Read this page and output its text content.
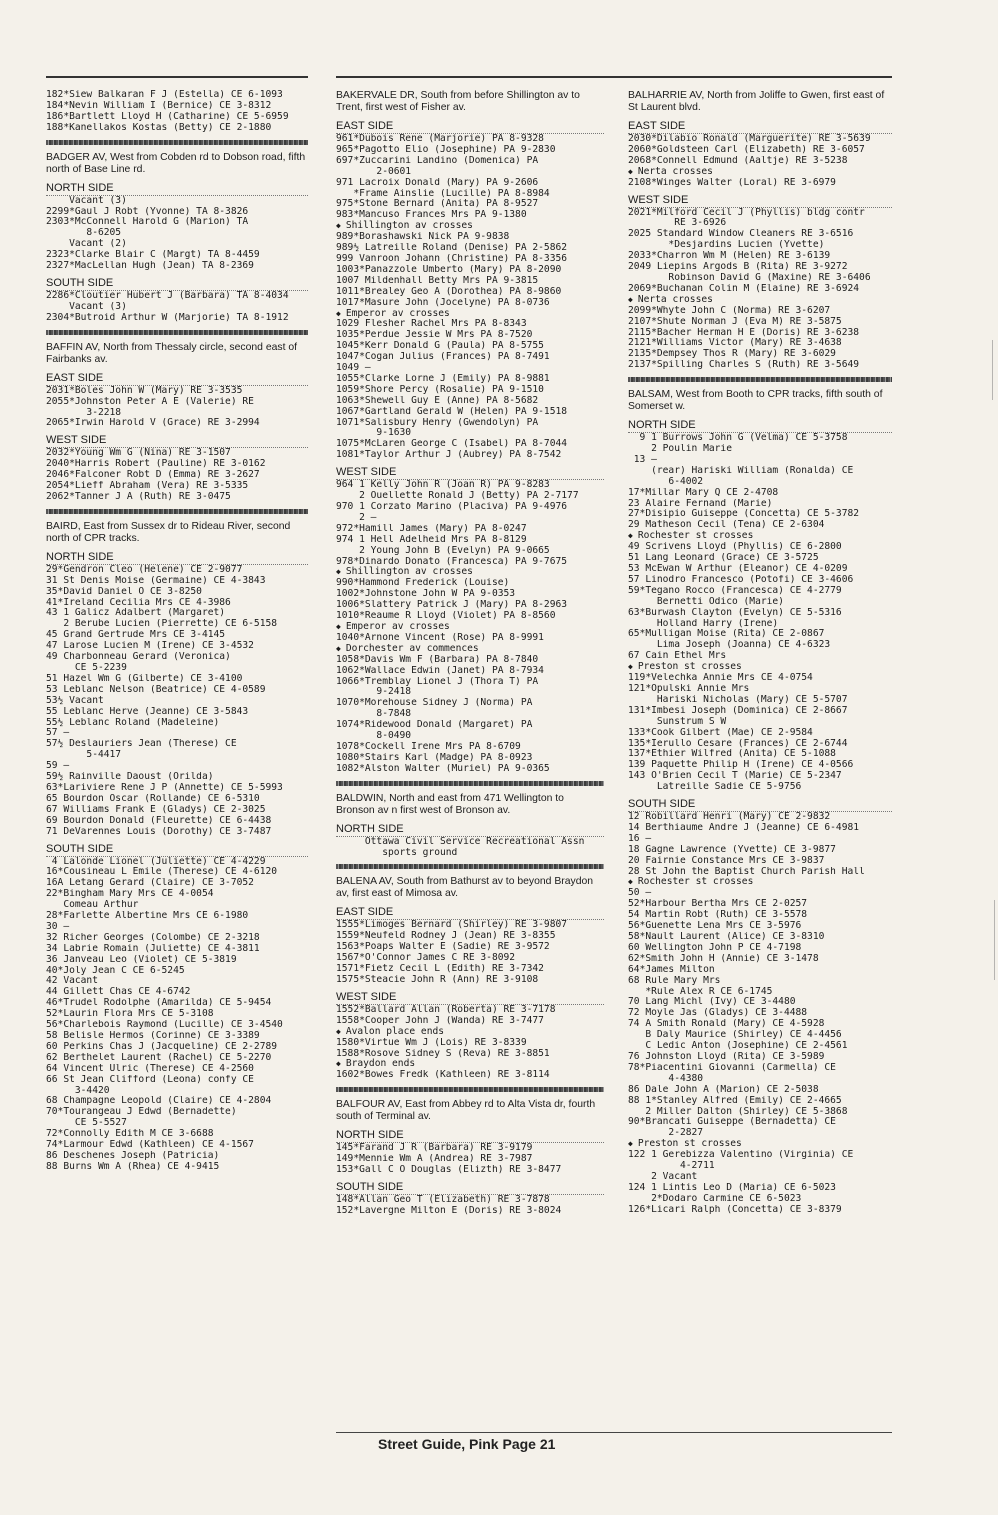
182*Siew Balkaran F J (Estella) CE 6-1093
184*Nevin William I (Bernice) CE 3-8312
186*Bartlett Lloyd H (Catharine) CE 5-6959
188*Kanellakos Kostas (Betty) CE 2-1880
BADGER AV, West from Cobden rd to Dobson road, fifth north of Base Line rd.
NORTH SIDE
Vacant (3)
2299*Gaul J Robt (Yvonne) TA 8-3826
2303*McConnell Harold G (Marion) TA
8-6205
Vacant (2)
2323*Clarke Blair C (Margt) TA 8-4459
2327*MacLellan Hugh (Jean) TA 8-2369
SOUTH SIDE
2286*Cloutier Hubert J (Barbara) TA 8-4034
Vacant (3)
2304*Butroid Arthur W (Marjorie) TA 8-1912
BAFFIN AV, North from Thessaly circle, second east of Fairbanks av.
EAST SIDE
2031*Boles John W (Mary) RE 3-3535
2055*Johnston Peter A E (Valerie) RE
3-2218
2065*Irwin Harold V (Grace) RE 3-2994
WEST SIDE
2032*Young Wm G (Nina) RE 3-1507
2040*Harris Robert (Pauline) RE 3-0162
2046*Falconer Robt D (Emma) RE 3-2627
2054*Lieff Abraham (Vera) RE 3-5335
2062*Tanner J A (Ruth) RE 3-0475
BAIRD, East from Sussex dr to Rideau River, second north of CPR tracks.
NORTH SIDE
29*Gendron Cleo (Helene) CE 2-9077
31 St Denis Moise (Germaine) CE 4-3843
35*David Daniel O CE 3-8250
41*Ireland Cecilia Mrs CE 4-3986
43 1 Galicz Adalbert (Margaret)
2 Berube Lucien (Pierrette) CE 6-5158
45 Grand Gertrude Mrs CE 3-4145
47 Larose Lucien M (Irene) CE 3-4532
49 Charbonneau Gerard (Veronica)
CE 5-2239
51 Hazel Wm G (Gilberte) CE 3-4100
53 Leblanc Nelson (Beatrice) CE 4-0589
53½ Vacant
55 Leblanc Herve (Jeanne) CE 3-5843
55½ Leblanc Roland (Madeleine)
57 —
57½ Deslauriers Jean (Therese) CE
5-4417
59 —
59½ Rainville Daoust (Orilda)
63*Lariviere Rene J P (Annette) CE 5-5993
65 Bourdon Oscar (Rollande) CE 6-5310
67 Williams Frank E (Gladys) CE 2-3025
69 Bourdon Donald (Fleurette) CE 6-4438
71 DeVarennes Louis (Dorothy) CE 3-7487
SOUTH SIDE
4 Lalonde Lionel (Juliette) CE 4-4229
16*Cousineau L Emile (Therese) CE 4-6120
16A Letang Gerard (Claire) CE 3-7052
22*Bingham Mary Mrs CE 4-0054
Comeau Arthur
28*Farlette Albertine Mrs CE 6-1980
30 —
32 Richer Georges (Colombe) CE 2-3218
34 Labrie Romain (Juliette) CE 4-3811
36 Janveau Leo (Violet) CE 5-3819
40*Joly Jean C CE 6-5245
42 Vacant
44 Gillett Chas CE 4-6742
46*Trudel Rodolphe (Amarilda) CE 5-9454
52*Laurin Flora Mrs CE 5-3108
56*Charlebois Raymond (Lucille) CE 3-4540
58 Belisle Hermos (Corinne) CE 3-3389
60 Perkins Chas J (Jacqueline) CE 2-2789
62 Berthelet Laurent (Rachel) CE 5-2270
64 Vincent Ulric (Therese) CE 4-2560
66 St Jean Clifford (Leona) confy CE
3-4420
68 Champagne Leopold (Claire) CE 4-2804
70*Tourangeau J Edwd (Bernadette)
CE 5-5527
72*Connolly Edith M CE 3-6688
74*Larmour Edwd (Kathleen) CE 4-1567
86 Deschenes Joseph (Patricia)
88 Burns Wm A (Rhea) CE 4-9415
BAKERVALE DR, South from before Shillington av to Trent, first west of Fisher av.
EAST SIDE
961*Dubois Rene (Marjorie) PA 8-9328
965*Pagotto Elio (Josephine) PA 9-2830
697*Zuccarini Landino (Domenica) PA
2-0601
971 Lacroix Donald (Mary) PA 9-2606
*Frame Ainslie (Lucille) PA 8-8984
975*Stone Bernard (Anita) PA 8-9527
983*Mancuso Frances Mrs PA 9-1380
◆ Shillington av crosses
989*Borashawski Nick PA 9-9838
989½ Latreille Roland (Denise) PA 2-5862
999 Vanroon Johann (Christine) PA 8-3356
1003*Panazzole Umberto (Mary) PA 8-2090
1007 Mildenhall Betty Mrs PA 9-3815
1011*Brealey Geo A (Dorothea) PA 8-9860
1017*Masure John (Jocelyne) PA 8-0736
◆ Emperor av crosses
1029 Flesher Rachel Mrs PA 8-8343
1035*Perdue Jessie W Mrs PA 8-7520
1045*Kerr Donald G (Paula) PA 8-5755
1047*Cogan Julius (Frances) PA 8-7491
1049 —
1055*Clarke Lorne J (Emily) PA 8-9881
1059*Shore Percy (Rosalie) PA 9-1510
1063*Shewell Guy E (Anne) PA 8-5682
1067*Gartland Gerald W (Helen) PA 9-1518
1071*Salisbury Henry (Gwendolyn) PA
9-1630
1075*McLaren George C (Isabel) PA 8-7044
1081*Taylor Arthur J (Aubrey) PA 8-7542
WEST SIDE
964 1 Kelly John R (Joan R) PA 9-8283
2 Ouellette Ronald J (Betty) PA 2-7177
970 1 Corzato Marino (Placiva) PA 9-4976
2 —
972*Hamill James (Mary) PA 8-0247
974 1 Hell Adelheid Mrs PA 8-8129
2 Young John B (Evelyn) PA 9-0665
978*Dinardo Donato (Francesca) PA 9-7675
◆ Shillington av crosses
990*Hammond Frederick (Louise)
1002*Johnstone John W PA 9-0353
1006*Slattery Patrick J (Mary) PA 8-2963
1010*Reaume R Lloyd (Violet) PA 8-8560
◆ Emperor av crosses
1040*Arnone Vincent (Rose) PA 8-9991
◆ Dorchester av commences
1058*Davis Wm F (Barbara) PA 8-7840
1062*Wallace Edwin (Janet) PA 8-7934
1066*Tremblay Lionel J (Thora T) PA
9-2418
1070*Morehouse Sidney J (Norma) PA
8-7848
1074*Ridewood Donald (Margaret) PA
8-0490
1078*Cockell Irene Mrs PA 8-6709
1080*Stairs Karl (Madge) PA 8-0923
1082*Alston Walter (Muriel) PA 9-0365
BALDWIN, North and east from 471 Wellington to Bronson av n first west of Bronson av.
NORTH SIDE
Ottawa Civil Service Recreational Assn
sports ground
BALENA AV, South from Bathurst av to beyond Braydon av, first east of Mimosa av.
EAST SIDE
1555*Limoges Bernard (Shirley) RE 3-9807
1559*Neufeld Rodney J (Jean) RE 3-8355
1563*Poaps Walter E (Sadie) RE 3-9572
1567*O'Connor James C RE 3-8092
1571*Fietz Cecil L (Edith) RE 3-7342
1575*Steacie John R (Ann) RE 3-9108
WEST SIDE
1552*Ballard Allan (Roberta) RE 3-7178
1558*Cooper John J (Wanda) RE 3-7477
◆ Avalon place ends
1580*Virtue Wm J (Lois) RE 3-8339
1588*Rosove Sidney S (Reva) RE 3-8851
◆ Braydon ends
1602*Bowes Fredk (Kathleen) RE 3-8114
BALFOUR AV, East from Abbey rd to Alta Vista dr, fourth south of Terminal av.
NORTH SIDE
145*Farand J R (Barbara) RE 3-9179
149*Mennie Wm A (Andrea) RE 3-7987
153*Gall C O Douglas (Elizth) RE 3-8477
SOUTH SIDE
148*Allan Geo T (Elizabeth) RE 3-7878
152*Lavergne Milton E (Doris) RE 3-8024
BALHARRIE AV, North from Joliffe to Gwen, first east of St Laurent blvd.
EAST SIDE
2030*Dilabio Ronald (Marguerite) RE 3-5639
2060*Goldsteen Carl (Elizabeth) RE 3-6057
2068*Connell Edmund (Aaltje) RE 3-5238
◆ Nerta crosses
2108*Winges Walter (Loral) RE 3-6979
WEST SIDE
2021*Milford Cecil J (Phyllis) bldg contr
RE 3-6926
2025 Standard Window Cleaners RE 3-6516
*Desjardins Lucien (Yvette)
2033*Charron Wm M (Helen) RE 3-6139
2049 Liepins Argods B (Rita) RE 3-9272
Robinson David G (Maxine) RE 3-6406
2069*Buchanan Colin M (Elaine) RE 3-6924
◆ Nerta crosses
2099*Whyte John C (Norma) RE 3-6207
2107*Shute Norman J (Eva M) RE 3-5875
2115*Bacher Herman H E (Doris) RE 3-6238
2121*Williams Victor (Mary) RE 3-4638
2135*Dempsey Thos R (Mary) RE 3-6029
2137*Spilling Charles S (Ruth) RE 3-5649
BALSAM, West from Booth to CPR tracks, fifth south of Somerset w.
NORTH SIDE
9 1 Burrows John G (Velma) CE 5-3758
2 Poulin Marie
13 —
(rear) Hariski William (Ronalda) CE
6-4002
17*Millar Mary Q CE 2-4708
23 Alaire Fernand (Marie)
27*Disipio Guiseppe (Concetta) CE 5-3782
29 Matheson Cecil (Tena) CE 2-6304
◆ Rochester st crosses
49 Scrivens Lloyd (Phyllis) CE 6-2800
51 Lang Leonard (Grace) CE 3-5725
53 McEwan W Arthur (Eleanor) CE 4-0209
57 Linodro Francesco (Potofi) CE 3-4606
59*Tegano Rocco (Francesca) CE 4-2779
Bernetti Odico (Marie)
63*Burwash Clayton (Evelyn) CE 5-5316
Holland Harry (Irene)
65*Mulligan Moise (Rita) CE 2-0867
Lima Joseph (Joanna) CE 4-6323
67 Cain Ethel Mrs
◆ Preston st crosses
119*Velechka Annie Mrs CE 4-0754
121*Opulski Annie Mrs
Hariski Nicholas (Mary) CE 5-5707
131*Imbesi Joseph (Dominica) CE 2-8667
Sunstrum S W
133*Cook Gilbert (Mae) CE 2-9584
135*Ierullo Cesare (Frances) CE 2-6744
137*Ethier Wilfred (Anita) CE 5-1088
139 Paquette Philip H (Irene) CE 4-0566
143 O'Brien Cecil T (Marie) CE 5-2347
Latreille Sadie CE 5-9756
SOUTH SIDE
12 Robillard Henri (Mary) CE 2-9832
14 Berthiaume Andre J (Jeanne) CE 6-4981
16 —
18 Gagne Lawrence (Yvette) CE 3-9877
20 Fairnie Constance Mrs CE 3-9837
28 St John the Baptist Church Parish Hall
◆ Rochester st crosses
50 —
52*Harbour Bertha Mrs CE 2-0257
54 Martin Robt (Ruth) CE 3-5578
56*Guenette Lena Mrs CE 3-5976
58*Nault Laurent (Alice) CE 3-8310
60 Wellington John P CE 4-7198
62*Smith John H (Annie) CE 3-1478
64*James Milton
68 Rule Mary Mrs
*Rule Alex R CE 6-1745
70 Lang Michl (Ivy) CE 3-4480
72 Moyle Jas (Gladys) CE 3-4488
74 A Smith Ronald (Mary) CE 4-5928
B Daly Maurice (Shirley) CE 4-4456
C Ledic Anton (Josephine) CE 2-4561
76 Johnston Lloyd (Rita) CE 3-5989
78*Piacentini Giovanni (Carmella) CE
4-4380
86 Dale John A (Marion) CE 2-5038
88 1*Stanley Alfred (Emily) CE 2-4665
2 Miller Dalton (Shirley) CE 5-3868
90*Brancati Guiseppe (Bernadetta) CE
2-2827
◆ Preston st crosses
122 1 Gerebizza Valentino (Virginia) CE
4-2711
2 Vacant
124 1 Lintis Leo D (Maria) CE 6-5023
2*Dodaro Carmine CE 6-5023
126*Licari Ralph (Concetta) CE 3-8379
Street Guide, Pink Page 21
